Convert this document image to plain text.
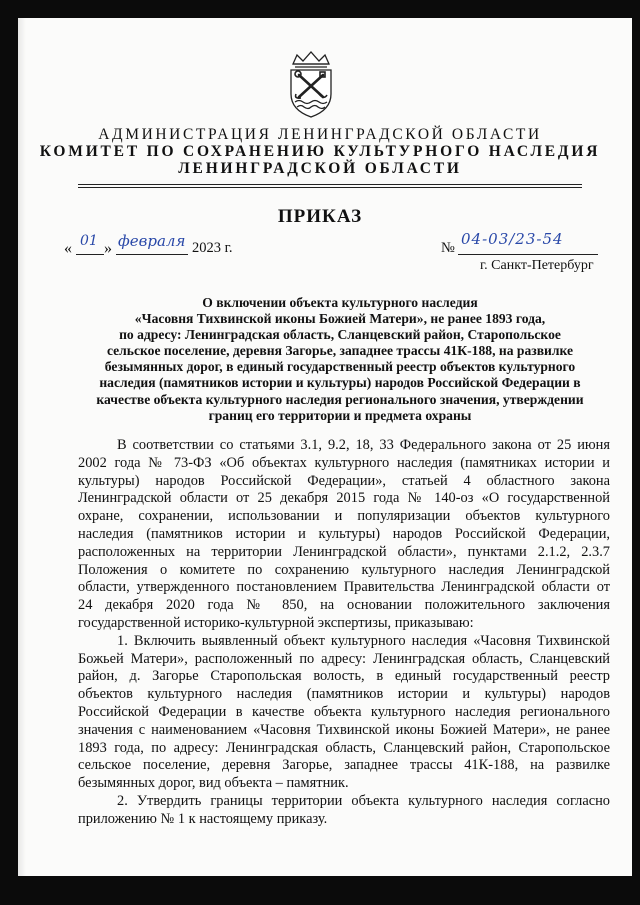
АДМИНИСТРАЦИЯ ЛЕНИНГРАДСКОЙ ОБЛАСТИ
КОМИТЕТ ПО СОХРАНЕНИЮ КУЛЬТУРНОГО НАСЛЕДИЯ
ЛЕНИНГРАДСКОЙ ОБЛАСТИ
ПРИКАЗ
« 01 » февраля 2023 г.	№ 04-03/23-54
г. Санкт-Петербург
О включении объекта культурного наследия
«Часовня Тихвинской иконы Божией Матери», не ранее 1893 года,
по адресу: Ленинградская область, Сланцевский район, Старопольское
сельское поселение, деревня Загорье, западнее трассы 41К-188, на развилке
безымянных дорог, в единый государственный реестр объектов культурного
наследия (памятников истории и культуры) народов Российской Федерации в
качестве объекта культурного наследия регионального значения, утверждении
границ его территории и предмета охраны
В соответствии со статьями 3.1, 9.2, 18, 33 Федерального закона от 25 июня
2002 года № 73-ФЗ «Об объектах культурного наследия (памятниках истории и
культуры) народов Российской Федерации», статьей 4 областного закона
Ленинградской области от 25 декабря 2015 года № 140-оз «О государственной
охране, сохранении, использовании и популяризации объектов культурного
наследия (памятников истории и культуры) народов Российской Федерации,
расположенных на территории Ленинградской области», пунктами 2.1.2, 2.3.7
Положения о комитете по сохранению культурного наследия Ленинградской
области, утвержденного постановлением Правительства Ленинградской области от
24 декабря 2020 года № 850, на основании положительного заключения
государственной историко-культурной экспертизы, приказываю:
1. Включить выявленный объект культурного наследия «Часовня Тихвинской
Божьей Матери», расположенный по адресу: Ленинградская область, Сланцевский
район, д. Загорье Старопольская волость, в единый государственный реестр
объектов культурного наследия (памятников истории и культуры) народов
Российской Федерации в качестве объекта культурного наследия регионального
значения с наименованием «Часовня Тихвинской иконы Божией Матери», не ранее
1893 года, по адресу: Ленинградская область, Сланцевский район, Старопольское
сельское поселение, деревня Загорье, западнее трассы 41К-188, на развилке
безымянных дорог, вид объекта – памятник.
2. Утвердить границы территории объекта культурного наследия согласно
приложению № 1 к настоящему приказу.
